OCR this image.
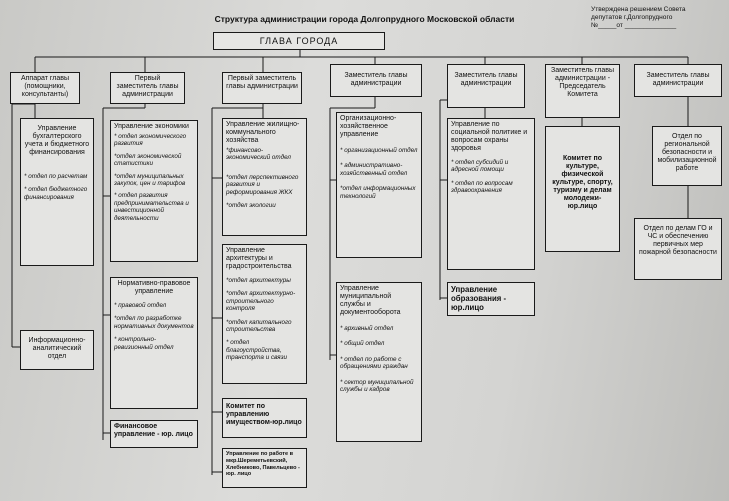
Структура администрации города Долгопрудного Московской области
Утверждена решением Совета
депутатов г.Долгопрудного
№_____от ______________
ГЛАВА ГОРОДА
Аппарат главы (помощники, консультанты)
Управление бухгалтерского учета и бюджетного финансирования
* отдел по расчетам
* отдел бюджетного финансирования
Информационно-аналитический отдел
Первый заместитель главы администрации
Управление экономики
* отдел экономического развития
*отдел экономической статистики
*отдел муниципальных закупок, цен и тарифов
* отдел развития предпринимательства и инвестиционной деятельности
Нормативно-правовое управление
* правовой отдел
*отдел по разработке нормативных документов
* контрольно-ревизионный отдел
Финансовое управление - юр. лицо
Первый заместитель главы администрации
Управление жилищно-коммунального хозяйства
*финансово-экономический отдел
*отдел перспективного развития и реформирования ЖКХ
*отдел экологии
Управление архитектуры и градостроительства
*отдел архитектуры
*отдел архитектурно-строительного контроля
*отдел капитального строительства
* отдел благоустройства, транспорта и связи
Комитет по управлению имуществом-юр.лицо
Управление по работе в мкр.Шереметьевский, Хлебниково, Павельцево - юр. лицо
Заместитель главы администрации
Организационно-хозяйственное управление
* организационный отдел
* административно-хозяйственный отдел
*отдел информационных технологий
Управление муниципальной службы и документооборота
* архивный отдел
* общий отдел
* отдел по работе с обращениями граждан
* сектор муниципальной службы и кадров
Заместитель главы администрации
Управление по социальной политике и вопросам охраны здоровья
* отдел субсидий и адресной помощи
* отдел по вопросам здравоохранения
Управление образования - юр.лицо
Заместитель главы администрации - Председатель Комитета
Комитет по культуре, физической культуре, спорту, туризму и делам молодежи- юр.лицо
Заместитель главы администрации
Отдел по региональной безопасности и мобилизационной работе
Отдел по делам ГО и ЧС и обеспечению первичных мер пожарной безопасности
